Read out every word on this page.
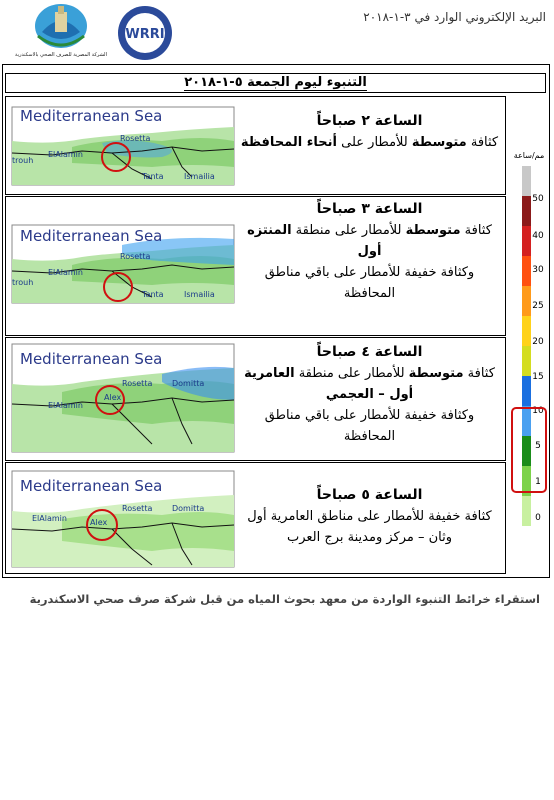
الشركة المصرية للصرف الصحي بالاسكندرية
WRRI
البريد الإلكتروني الوارد في ٣-١-٢٠١٨
التنبوء ليوم الجمعة ٥-١-٢٠١٨
Mediterranean Sea
ElAlamin
Rosetta
Tanta	Ismailia
trouh
الساعة ٢ صباحاً
كثافة متوسطة للأمطار على أنحاء المحافظة
Mediterranean Sea
ElAlamin
Rosetta
Tanta	Ismailia
trouh
الساعة ٣ صباحاً
كثافة متوسطة للأمطار على منطقة المنتزه أول
وكثافة خفيفة للأمطار على باقي مناطق المحافظة
Mediterranean Sea
ElAlamin
Alex
Rosetta Domitta
الساعة ٤ صباحاً
كثافة متوسطة للأمطار على منطقة العامرية أول – العجمي
وكثافة خفيفة للأمطار على باقي مناطق المحافظة
Mediterranean Sea
ElAlamin	Alex
Rosetta Domitta
الساعة ٥ صباحاً
كثافة خفيفة للأمطار على مناطق العامرية أول وثان – مركز ومدينة برج العرب
مم/ساعة
50
40
30
25
20
15
10
5
1
0
استقراء خرائط التنبوء الواردة من معهد بحوث المياه من قبل شركة صرف صحي الاسكندرية
